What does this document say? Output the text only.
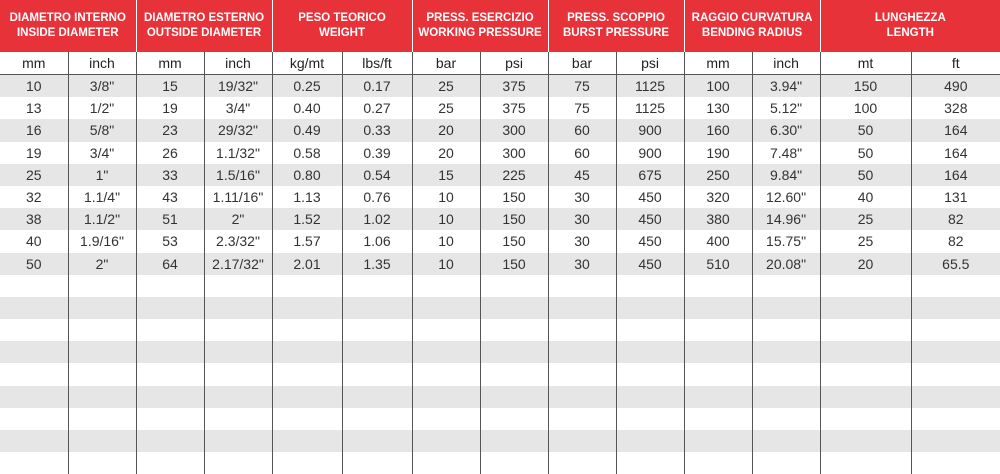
DIAMETRO INTERNO
INSIDE DIAMETER		DIAMETRO ESTERNO
OUTSIDE DIAMETER		PESO TEORICO
WEIGHT		PRESS. ESERCIZIO
WORKING PRESSURE		PRESS. SCOPPIO
BURST PRESSURE		RAGGIO CURVATURA
BENDING RADIUS		LUNGHEZZA
LENGTH	

mm	inch	mm	inch	kg/mt	lbs/ft	bar	psi	bar	psi	mm	inch	mt	ft
10	3/8"	15	19/32"	0.25	0.17	25	375	75	1125	100	3.94"	150	490
13	1/2"	19	3/4"	0.40	0.27	25	375	75	1125	130	5.12"	100	328
16	5/8"	23	29/32"	0.49	0.33	20	300	60	900	160	6.30"	50	164
19	3/4"	26	1.1/32"	0.58	0.39	20	300	60	900	190	7.48"	50	164
25	1"	33	1.5/16"	0.80	0.54	15	225	45	675	250	9.84"	50	164
32	1.1/4"	43	1.11/16"	1.13	0.76	10	150	30	450	320	12.60"	40	131
38	1.1/2"	51	2"	1.52	1.02	10	150	30	450	380	14.96"	25	82
40	1.9/16"	53	2.3/32"	1.57	1.06	10	150	30	450	400	15.75"	25	82
50	2"	64	2.17/32"	2.01	1.35	10	150	30	450	510	20.08"	20	65.5
